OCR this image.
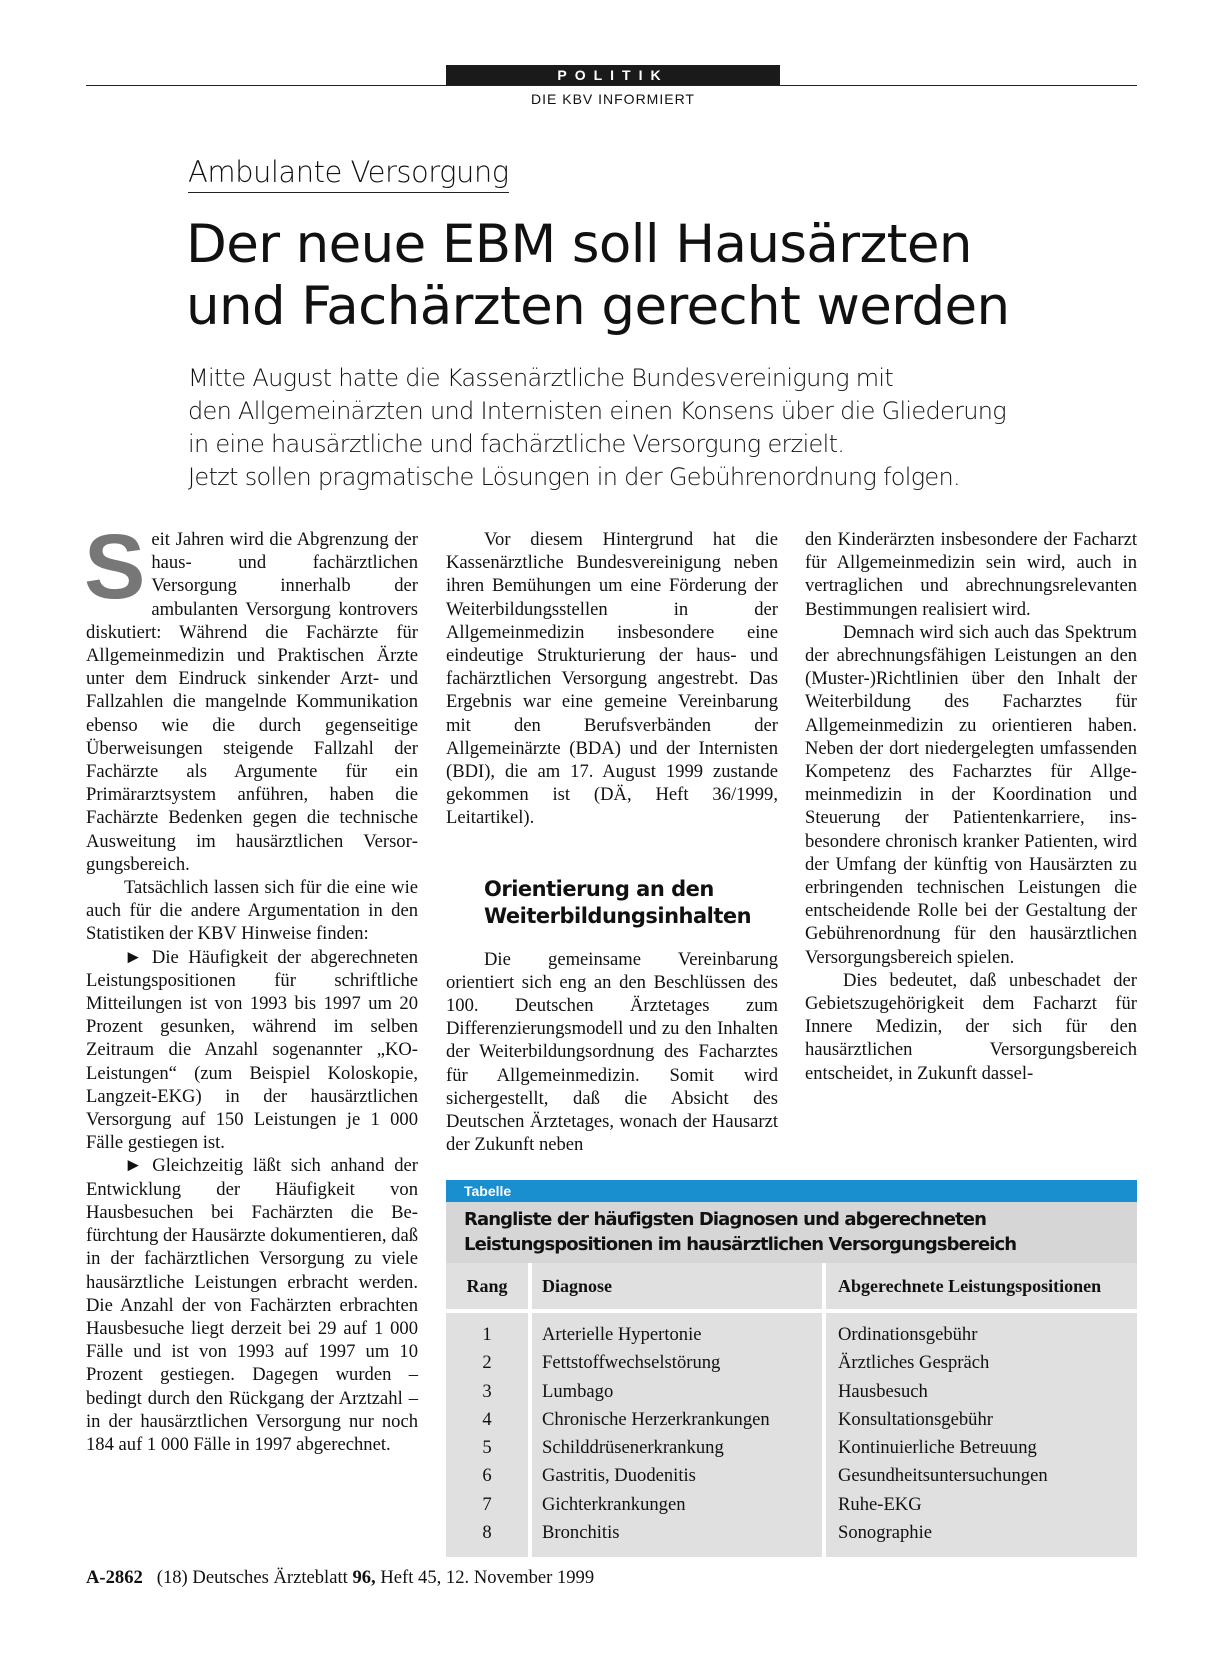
POLITIK
DIE KBV INFORMIERT
Ambulante Versorgung
Der neue EBM soll Hausärzten
und Fachärzten gerecht werden

Mitte August hatte die Kassenärztliche Bundesvereinigung mit
den Allgemeinärzten und Internisten einen Konsens über die Gliederung
in eine hausärztliche und fachärztliche Versorgung erzielt.
Jetzt sollen pragmatische Lösungen in der Gebührenordnung folgen.

S eit Jahren wird die Abgrenzung der haus- und fachärztlichen Versorgung innerhalb der ambulanten Versorgung kontrovers diskutiert: Während die Fachärzte für Allgemeinmedizin und Praktischen Ärzte unter dem Eindruck sinkender Arzt- und Fallzahlen die mangelnde Kommunikation ebenso wie die durch gegenseitige Überweisungen steigende Fallzahl der Fachärzte als Argumente für ein Primärarztsystem anführen, haben die Fachärzte Bedenken gegen die technische Ausweitung im hausärztlichen Versorgungsbereich.

Tatsächlich lassen sich für die eine wie auch für die andere Argumentation in den Statistiken der KBV Hinweise finden:

► Die Häufigkeit der abgerechneten Leistungspositionen für schriftliche Mitteilungen ist von 1993 bis 1997 um 20 Prozent gesunken, während im selben Zeitraum die Anzahl sogenannter „KO-Leistungen“ (zum Beispiel Koloskopie, Langzeit-EKG) in der hausärztlichen Versorgung auf 150 Leistungen je 1 000 Fälle gestiegen ist.

► Gleichzeitig läßt sich anhand der Entwicklung der Häufigkeit von Hausbesuchen bei Fachärzten die Befürchtung der Hausärzte dokumentieren, daß in der fachärztlichen Versorgung zu viele hausärztliche Leistungen erbracht werden. Die Anzahl der von Fachärzten erbrachten Hausbesuche liegt derzeit bei 29 auf 1 000 Fälle und ist von 1993 auf 1997 um 10 Prozent gestiegen. Dagegen wurden – bedingt durch den Rückgang der Arztzahl – in der hausärztlichen Versorgung nur noch 184 auf 1 000 Fälle in 1997 abgerechnet.

Vor diesem Hintergrund hat die Kassenärztliche Bundesvereinigung neben ihren Bemühungen um eine Förderung der Weiterbildungsstellen in der Allgemeinmedizin insbesondere eine eindeutige Strukturierung der haus- und fachärztlichen Versorgung angestrebt. Das Ergebnis war eine gemeine Vereinbarung mit den Berufsverbänden der Allgemeinärzte (BDA) und der Internisten (BDI), die am 17. August 1999 zustande gekommen ist (DÄ, Heft 36/1999, Leitartikel).

Orientierung an den
Weiterbildungsinhalten

Die gemeinsame Vereinbarung orientiert sich eng an den Beschlüssen des 100. Deutschen Ärztetages zum Differenzierungsmodell und zu den Inhalten der Weiterbildungsordnung des Facharztes für Allgemeinmedizin. Somit wird sichergestellt, daß die Absicht des Deutschen Ärztetages, wonach der Hausarzt der Zukunft neben

den Kinderärzten insbesondere der Facharzt für Allgemeinmedizin sein wird, auch in vertraglichen und abrechnungsrelevanten Bestimmungen realisiert wird.

Demnach wird sich auch das Spektrum der abrechnungsfähigen Leistungen an den (Muster-)Richtlinien über den Inhalt der Weiterbildung des Facharztes für Allgemeinmedizin zu orientieren haben. Neben der dort niedergelegten umfassenden Kompetenz des Facharztes für Allgemeinmedizin in der Koordination und Steuerung der Patientenkarriere, insbesondere chronisch kranker Patienten, wird der Umfang der künftig von Hausärzten zu erbringenden technischen Leistungen die entscheidende Rolle bei der Gestaltung der Gebührenordnung für den hausärztlichen Versorgungsbereich spielen.

Dies bedeutet, daß unbeschadet der Gebietszugehörigkeit dem Facharzt für Innere Medizin, der sich für den hausärztlichen Versorgungsbereich entscheidet, in Zukunft dassel-

Tabelle
Rangliste der häufigsten Diagnosen und abgerechneten Leistungspositionen im hausärztlichen Versorgungsbereich
Rang	Diagnose	Abgerechnete Leistungspositionen
1
2
3
4
5
6
7
8
Arterielle Hypertonie
Fettstoffwechselstörung
Lumbago
Chronische Herzerkrankungen
Schilddrüsenerkrankung
Gastritis, Duodenitis
Gichterkrankungen
Bronchitis
Ordinationsgebühr
Ärztliches Gespräch
Hausbesuch
Konsultationsgebühr
Kontinuierliche Betreuung
Gesundheitsuntersuchungen
Ruhe-EKG
Sonographie
A-2862 (18) Deutsches Ärzteblatt 96, Heft 45, 12. November 1999
